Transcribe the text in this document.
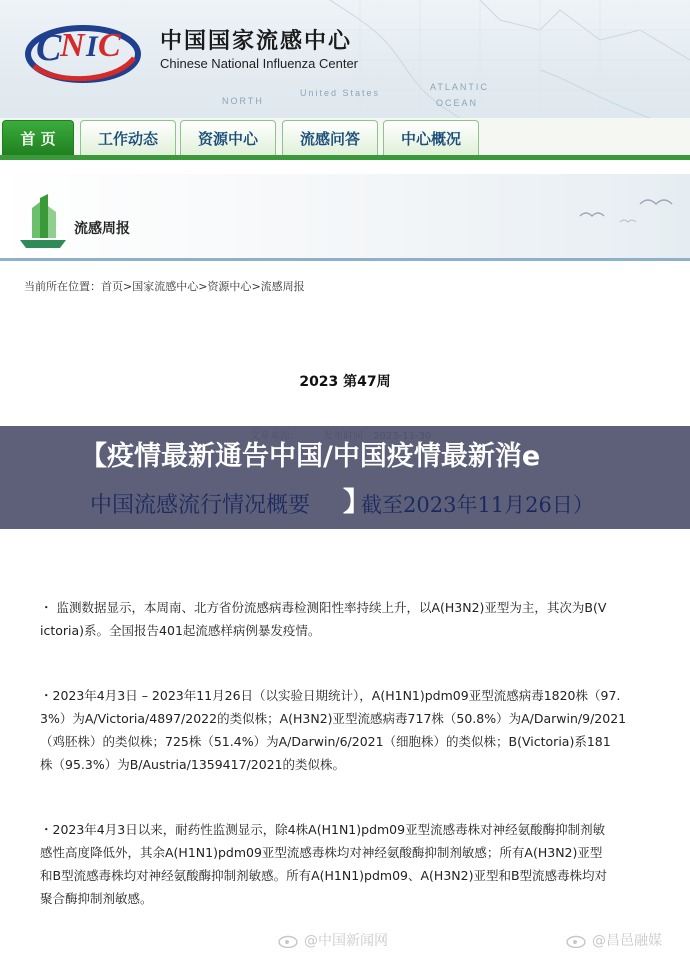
C
N I C 中国国家流感中心
Chinese National Influenza Center
NORTH
United States
ATLANTIC
OCEAN
首 页	工作动态	资源中心	流感问答	中心概况
流感周报
当前所在位置：首页>国家流感中心>资源中心>流感周报
2023 第47周
【疫情最新通告中国/中国疫情最新消e
中国流感流行情况概要 】
截至2023年11月26日）
・ 监测数据显示，本周南、北方省份流感病毒检测阳性率持续上升，以A(H3N2)亚型为主，其次为B(V
ictoria)系。全国报告401起流感样病例暴发疫情。
・2023年4月3日 – 2023年11月26日（以实验日期统计），A(H1N1)pdm09亚型流感病毒1820株（97.
3%）为A/Victoria/4897/2022的类似株；A(H3N2)亚型流感病毒717株（50.8%）为A/Darwin/9/2021
（鸡胚株）的类似株；725株（51.4%）为A/Darwin/6/2021（细胞株）的类似株；B(Victoria)系181
株（95.3%）为B/Austria/1359417/2021的类似株。
・2023年4月3日以来，耐药性监测显示，除4株A(H1N1)pdm09亚型流感毒株对神经氨酸酶抑制剂敏
感性高度降低外，其余A(H1N1)pdm09亚型流感毒株均对神经氨酸酶抑制剂敏感；所有A(H3N2)亚型
和B型流感毒株均对神经氨酸酶抑制剂敏感。所有A(H1N1)pdm09、A(H3N2)亚型和B型流感毒株均对
聚合酶抑制剂敏感。
@中国新闻网	@昌邑融媒
